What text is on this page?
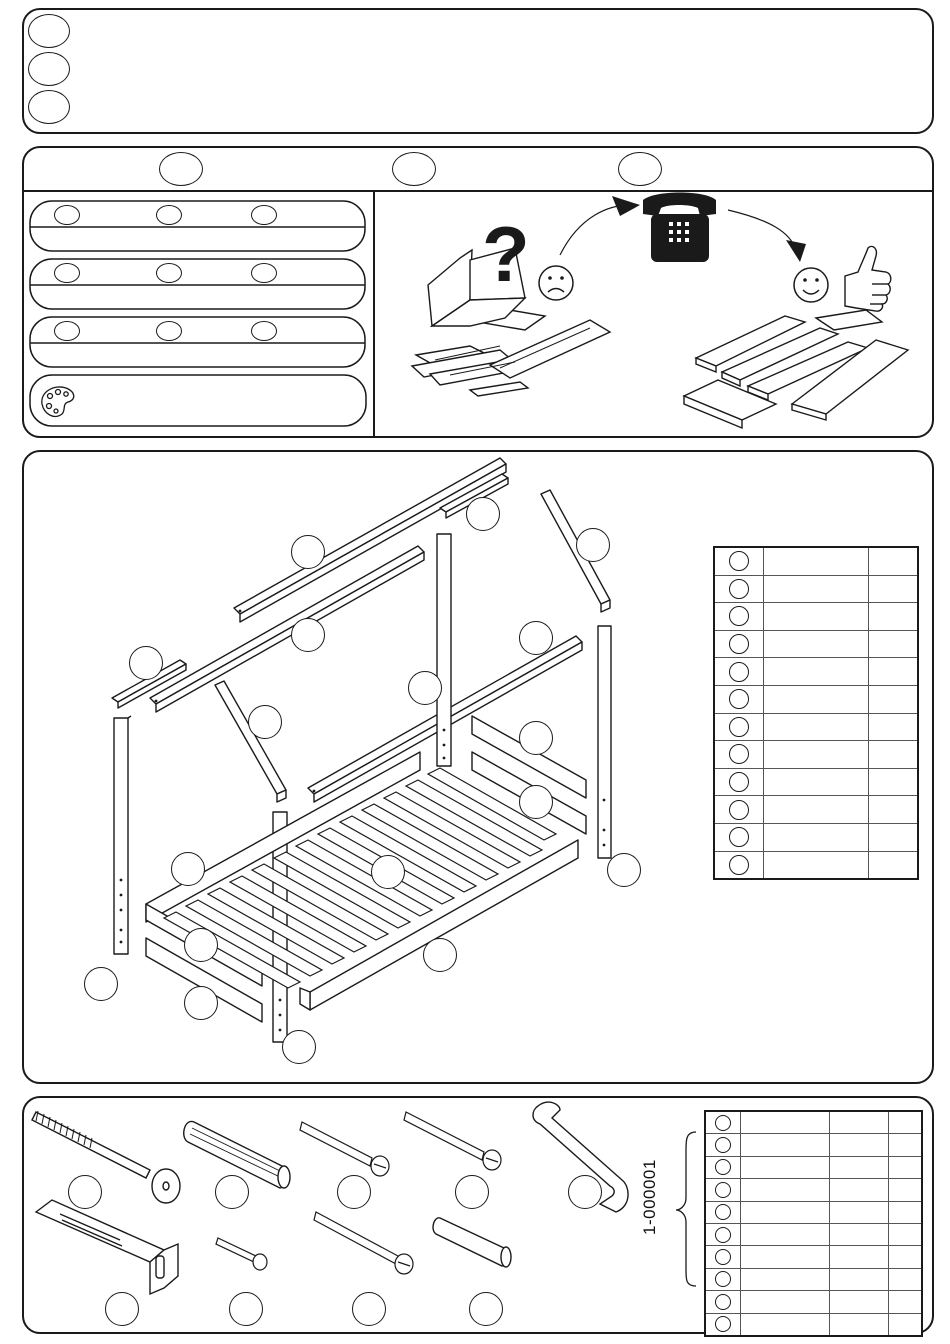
?

1-000001
